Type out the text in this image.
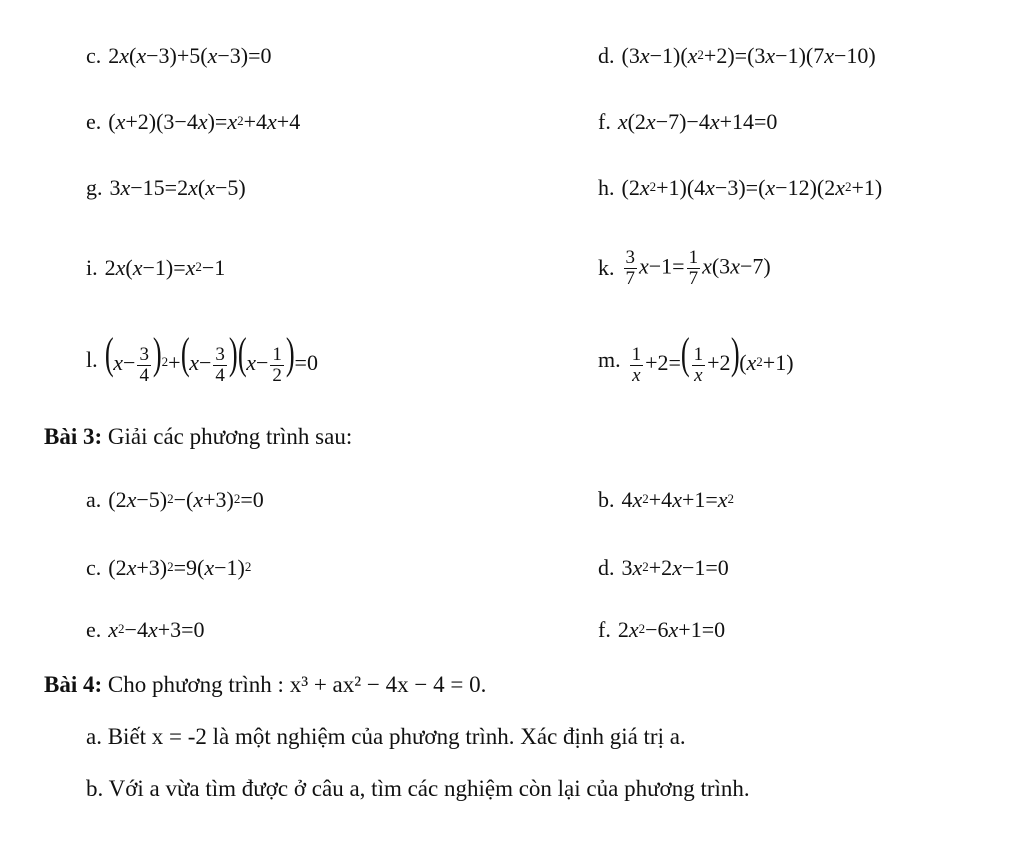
c. 2x(x−3)+5(x−3)=0	d. $(3x-1)(x^2+2)=(3x-1)(7x-10)$
e. $(x+2)(3-4x)=x^2+4x+4$	f. x(2x−7)−4x+14=0
g. 3x−15=2x(x−5)	h. $(2x^2+1)(4x-3)=(x-12)(2x^2+1)$
i. $2x(x-1)=x^2-1$	k. $\frac{3}{7} x-1= \frac{1}{7} x(3x-7)$
l. $(x- \frac{3}{4} )^2+(x- \frac{3}{4} )(x- \frac{1}{2} )=0$	m. $\frac{1}{x} +2=( \frac{1}{x} +2)(x^2+1)$
Bài 3: Giải các phương trình sau:
a. $(2x-5)^2-(x+3)^2=0$	b. $4x^2+4x+1=x^2$
c. $(2x+3)^2=9(x-1)^2$	d. $3x^2+2x-1=0$
e. $x^2-4x+3=0$	f. $2x^2-6x+1=0$
Bài 4: Cho phương trình : x³ + ax² − 4x − 4 = 0.
a. Biết x = -2 là một nghiệm của phương trình. Xác định giá trị a.
b. Với a vừa tìm được ở câu a, tìm các nghiệm còn lại của phương trình.
